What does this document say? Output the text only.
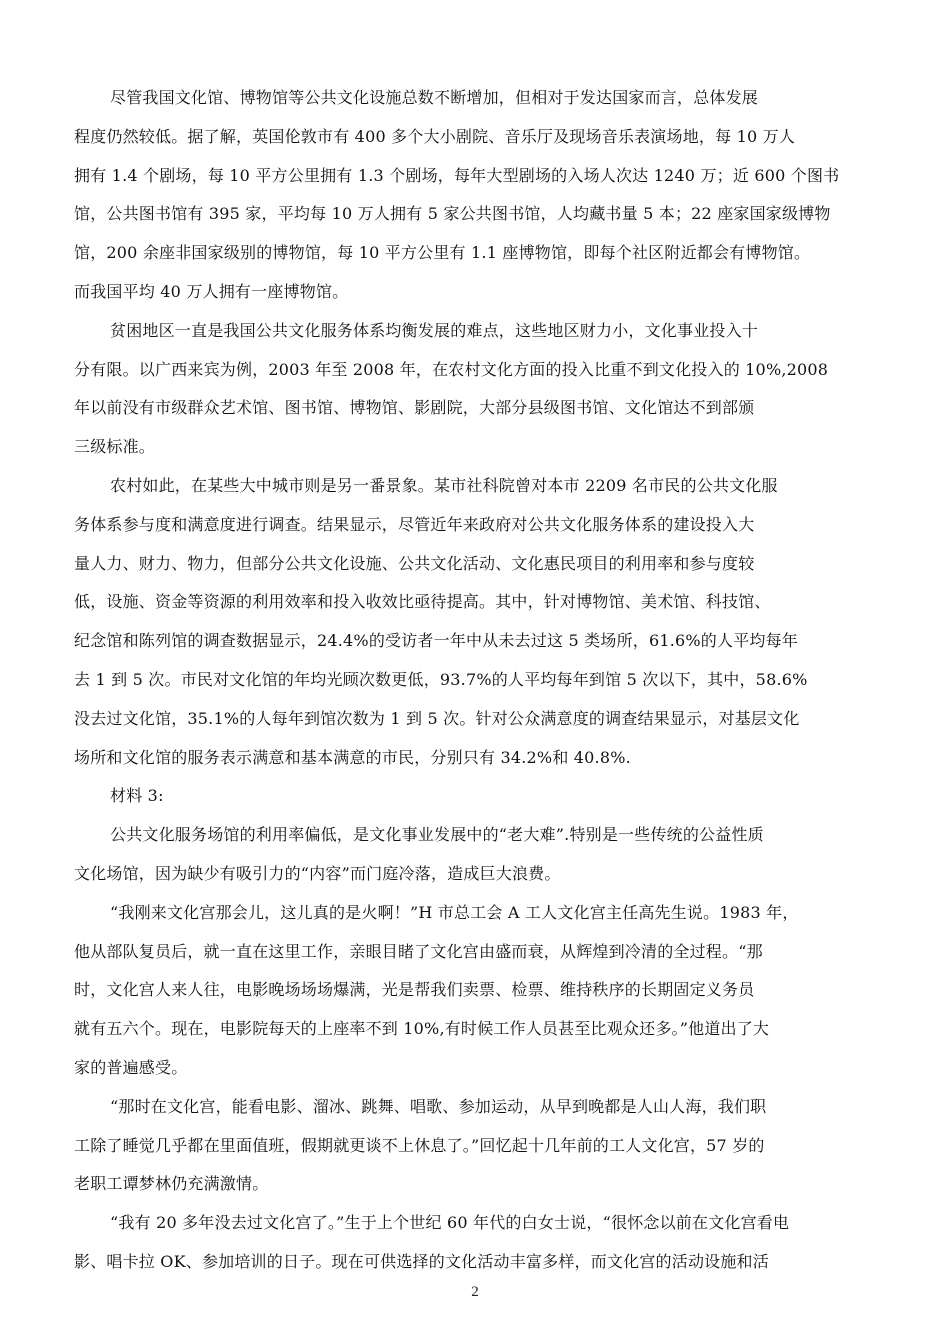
尽管我国文化馆、博物馆等公共文化设施总数不断增加，但相对于发达国家而言，总体发展
程度仍然较低。据了解，英国伦敦市有 400 多个大小剧院、音乐厅及现场音乐表演场地，每 10 万人
拥有 1.4 个剧场，每 10 平方公里拥有 1.3 个剧场，每年大型剧场的入场人次达 1240 万；近 600 个图书
馆，公共图书馆有 395 家，平均每 10 万人拥有 5 家公共图书馆，人均藏书量 5 本；22 座家国家级博物
馆，200 余座非国家级别的博物馆，每 10 平方公里有 1.1 座博物馆，即每个社区附近都会有博物馆。
而我国平均 40 万人拥有一座博物馆。
贫困地区一直是我国公共文化服务体系均衡发展的难点，这些地区财力小，文化事业投入十
分有限。以广西来宾为例，2003 年至 2008 年，在农村文化方面的投入比重不到文化投入的 10%,2008
年以前没有市级群众艺术馆、图书馆、博物馆、影剧院，大部分县级图书馆、文化馆达不到部颁
三级标准。
农村如此，在某些大中城市则是另一番景象。某市社科院曾对本市 2209 名市民的公共文化服
务体系参与度和满意度进行调查。结果显示，尽管近年来政府对公共文化服务体系的建设投入大
量人力、财力、物力，但部分公共文化设施、公共文化活动、文化惠民项目的利用率和参与度较
低，设施、资金等资源的利用效率和投入收效比亟待提高。其中，针对博物馆、美术馆、科技馆、
纪念馆和陈列馆的调查数据显示，24.4%的受访者一年中从未去过这 5 类场所，61.6%的人平均每年
去 1 到 5 次。市民对文化馆的年均光顾次数更低，93.7%的人平均每年到馆 5 次以下，其中，58.6%
没去过文化馆，35.1%的人每年到馆次数为 1 到 5 次。针对公众满意度的调查结果显示，对基层文化
场所和文化馆的服务表示满意和基本满意的市民，分别只有 34.2%和 40.8%.
材料 3:
公共文化服务场馆的利用率偏低，是文化事业发展中的“老大难”.特别是一些传统的公益性质
文化场馆，因为缺少有吸引力的“内容”而门庭冷落，造成巨大浪费。
“我刚来文化宫那会儿，这儿真的是火啊！”H 市总工会 A 工人文化宫主任高先生说。1983 年，
他从部队复员后，就一直在这里工作，亲眼目睹了文化宫由盛而衰，从辉煌到冷清的全过程。“那
时，文化宫人来人往，电影晚场场场爆满，光是帮我们卖票、检票、维持秩序的长期固定义务员
就有五六个。现在，电影院每天的上座率不到 10%,有时候工作人员甚至比观众还多。”他道出了大
家的普遍感受。
“那时在文化宫，能看电影、溜冰、跳舞、唱歌、参加运动，从早到晚都是人山人海，我们职
工除了睡觉几乎都在里面值班，假期就更谈不上休息了。”回忆起十几年前的工人文化宫，57 岁的
老职工谭梦林仍充满激情。
“我有 20 多年没去过文化宫了。”生于上个世纪 60 年代的白女士说，“很怀念以前在文化宫看电
影、唱卡拉 OK、参加培训的日子。现在可供选择的文化活动丰富多样，而文化宫的活动设施和活
2
